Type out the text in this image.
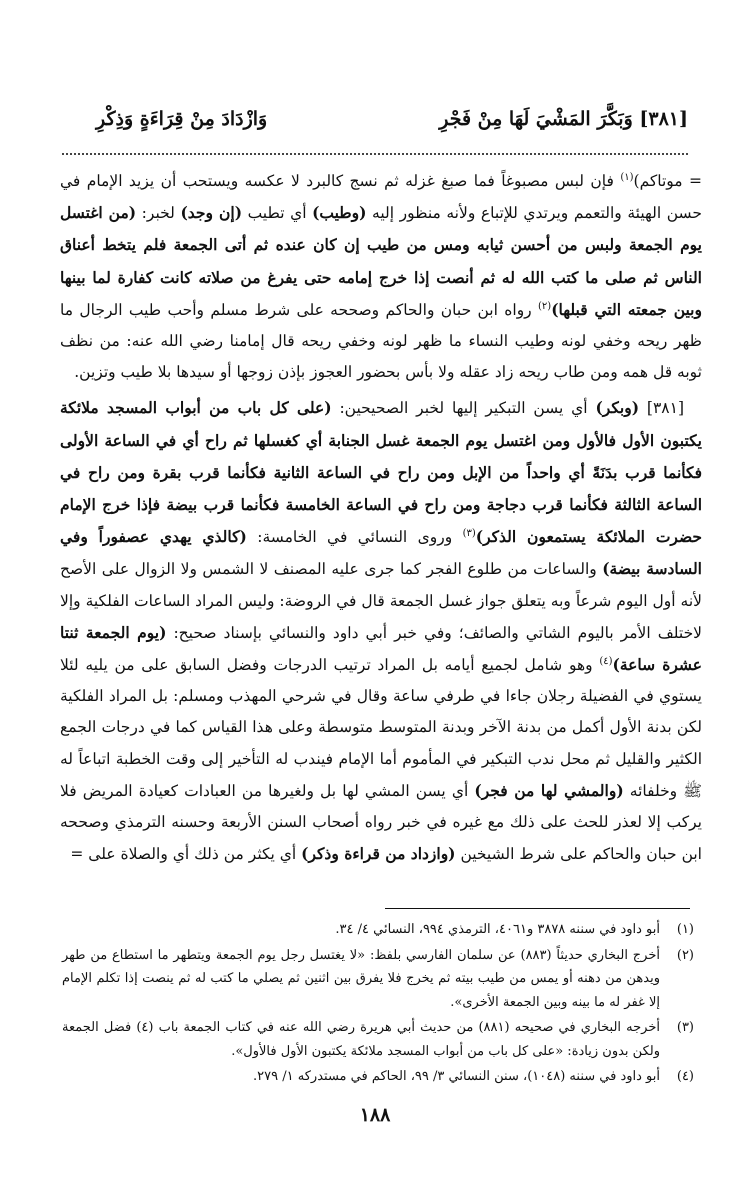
[٣٨١] وَبَكَّرَ المَشْيَ لَهَا مِنْ فَجْرِ
وَازْدَادَ مِنْ قِرَاءَةٍ وَذِكْرِ

= موتاكم)$^{(١)}$ فإن لبس مصبوغاً فما صبغ غزله ثم نسج كالبرد لا عكسه ويستحب أن يزيد الإمام في حسن الهيئة والتعمم ويرتدي للإتباع ولأنه منظور إليه (وطيب) أي تطيب (إن وجد) لخبر: (من اغتسل يوم الجمعة ولبس من أحسن ثيابه ومس من طيب إن كان عنده ثم أتى الجمعة فلم يتخط أعناق الناس ثم صلى ما كتب الله له ثم أنصت إذا خرج إمامه حتى يفرغ من صلاته كانت كفارة لما بينها وبين جمعته التي قبلها)$^{(٢)}$ رواه ابن حبان والحاكم وصححه على شرط مسلم وأحب طيب الرجال ما ظهر ريحه وخفي لونه وطيب النساء ما ظهر لونه وخفي ريحه قال إمامنا رضي الله عنه: من نظف ثوبه قل همه ومن طاب ريحه زاد عقله ولا بأس بحضور العجوز بإذن زوجها أو سيدها بلا طيب وتزين.

[٣٨١] (وبكر) أي يسن التبكير إليها لخبر الصحيحين: (على كل باب من أبواب المسجد ملائكة يكتبون الأول فالأول ومن اغتسل يوم الجمعة غسل الجنابة أي كغسلها ثم راح أي في الساعة الأولى فكأنما قرب بدَنَةً أي واحداً من الإبل ومن راح في الساعة الثانية فكأنما قرب بقرة ومن راح في الساعة الثالثة فكأنما قرب دجاجة ومن راح في الساعة الخامسة فكأنما قرب بيضة فإذا خرج الإمام حضرت الملائكة يستمعون الذكر)$^{(٣)}$ وروى النسائي في الخامسة: (كالذي يهدي عصفوراً وفي السادسة بيضة) والساعات من طلوع الفجر كما جرى عليه المصنف لا الشمس ولا الزوال على الأصح لأنه أول اليوم شرعاً وبه يتعلق جواز غسل الجمعة قال في الروضة: وليس المراد الساعات الفلكية وإلا لاختلف الأمر باليوم الشاتي والصائف؛ وفي خبر أبي داود والنسائي بإسناد صحيح: (يوم الجمعة ثنتا عشرة ساعة)$^{(٤)}$ وهو شامل لجميع أيامه بل المراد ترتيب الدرجات وفضل السابق على من يليه لئلا يستوي في الفضيلة رجلان جاءا في طرفي ساعة وقال في شرحي المهذب ومسلم: بل المراد الفلكية لكن بدنة الأول أكمل من بدنة الآخر وبدنة المتوسط متوسطة وعلى هذا القياس كما في درجات الجمع الكثير والقليل ثم محل ندب التبكير في المأموم أما الإمام فيندب له التأخير إلى وقت الخطبة اتباعاً له ﷺ وخلفائه (والمشي لها من فجر) أي يسن المشي لها بل ولغيرها من العبادات كعيادة المريض فلا يركب إلا لعذر للحث على ذلك مع غيره في خبر رواه أصحاب السنن الأربعة وحسنه الترمذي وصححه ابن حبان والحاكم على شرط الشيخين (وازداد من قراءة وذكر) أي يكثر من ذلك أي والصلاة على =

(١)
أبو داود في سننه ٣٨٧٨ و٤٠٦١، الترمذي ٩٩٤، النسائي ٤/ ٣٤.
(٢)
أخرج البخاري حديثاً (٨٨٣) عن سلمان الفارسي بلفظ: «لا يغتسل رجل يوم الجمعة ويتطهر ما استطاع من طهر ويدهن من دهنه أو يمس من طيب بيته ثم يخرج فلا يفرق بين اثنين ثم يصلي ما كتب له ثم ينصت إذا تكلم الإمام إلا غفر له ما بينه وبين الجمعة الأخرى».
(٣)
أخرجه البخاري في صحيحه (٨٨١) من حديث أبي هريرة رضي الله عنه في كتاب الجمعة باب (٤) فضل الجمعة ولكن بدون زيادة: «على كل باب من أبواب المسجد ملائكة يكتبون الأول فالأول».
(٤)
أبو داود في سننه (١٠٤٨)، سنن النسائي ٣/ ٩٩، الحاكم في مستدركه ١/ ٢٧٩.
١٨٨
